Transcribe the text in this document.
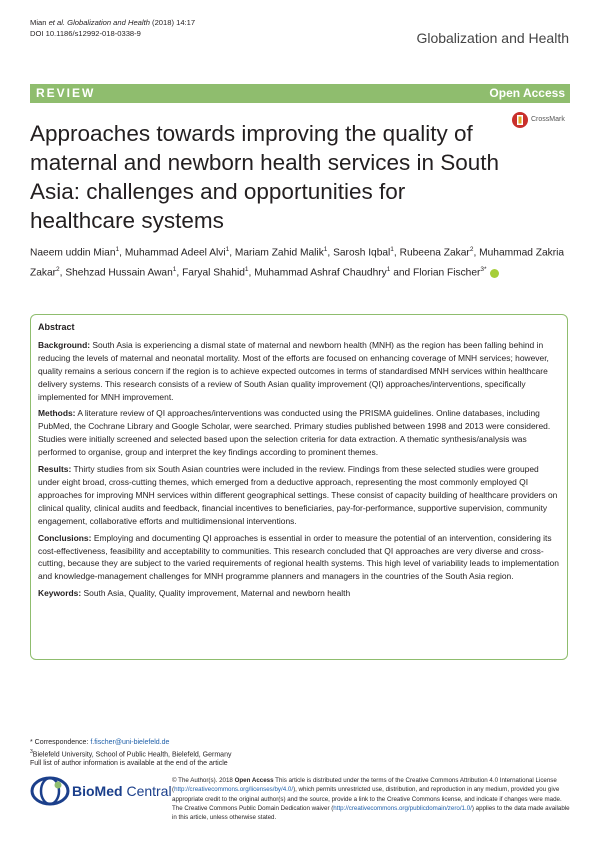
Mian et al. Globalization and Health (2018) 14:17
DOI 10.1186/s12992-018-0338-9	Globalization and Health
REVIEW	Open Access
Approaches towards improving the quality of maternal and newborn health services in South Asia: challenges and opportunities for healthcare systems
CrossMark
Naeem uddin Mian$^1$, Muhammad Adeel Alvi$^1$, Mariam Zahid Malik$^1$, Sarosh Iqbal$^1$, Rubeena Zakar$^2$, Muhammad Zakria Zakar$^2$, Shehzad Hussain Awan$^1$, Faryal Shahid$^1$, Muhammad Ashraf Chaudhry$^1$ and Florian Fischer$^{3*}$
Abstract

Background: South Asia is experiencing a dismal state of maternal and newborn health (MNH) as the region has been falling behind in reducing the levels of maternal and neonatal mortality. Most of the efforts are focused on enhancing coverage of MNH services; however, quality remains a serious concern if the region is to achieve expected outcomes in terms of standardised MNH services within healthcare delivery systems. This research consists of a review of South Asian quality improvement (QI) approaches/interventions, specifically implemented for MNH improvement.

Methods: A literature review of QI approaches/interventions was conducted using the PRISMA guidelines. Online databases, including PubMed, the Cochrane Library and Google Scholar, were searched. Primary studies published between 1998 and 2013 were considered. Studies were initially screened and selected based upon the selection criteria for data extraction. A thematic synthesis/analysis was performed to organise, group and interpret the key findings according to prominent themes.

Results: Thirty studies from six South Asian countries were included in the review. Findings from these selected studies were grouped under eight broad, cross-cutting themes, which emerged from a deductive approach, representing the most commonly employed QI approaches for improving MNH services within different geographical settings. These consist of capacity building of healthcare providers on clinical quality, clinical audits and feedback, financial incentives to beneficiaries, pay-for-performance, supportive supervision, community engagement, collaborative efforts and multidimensional interventions.

Conclusions: Employing and documenting QI approaches is essential in order to measure the potential of an intervention, considering its cost-effectiveness, feasibility and acceptability to communities. This research concluded that QI approaches are very diverse and cross-cutting, because they are subject to the varied requirements of regional health systems. This high level of variability leads to implementation and knowledge-management challenges for MNH programme planners and managers in the countries of the South Asia region.

Keywords: South Asia, Quality, Quality improvement, Maternal and newborn health

* Correspondence: f.fischer@uni-bielefeld.de
$^3$Bielefeld University, School of Public Health, Bielefeld, Germany
Full list of author information is available at the end of the article
BioMed Central
© The Author(s). 2018 Open Access This article is distributed under the terms of the Creative Commons Attribution 4.0 International License (http://creativecommons.org/licenses/by/4.0/), which permits unrestricted use, distribution, and reproduction in any medium, provided you give appropriate credit to the original author(s) and the source, provide a link to the Creative Commons license, and indicate if changes were made. The Creative Commons Public Domain Dedication waiver (http://creativecommons.org/publicdomain/zero/1.0/) applies to the data made available in this article, unless otherwise stated.
